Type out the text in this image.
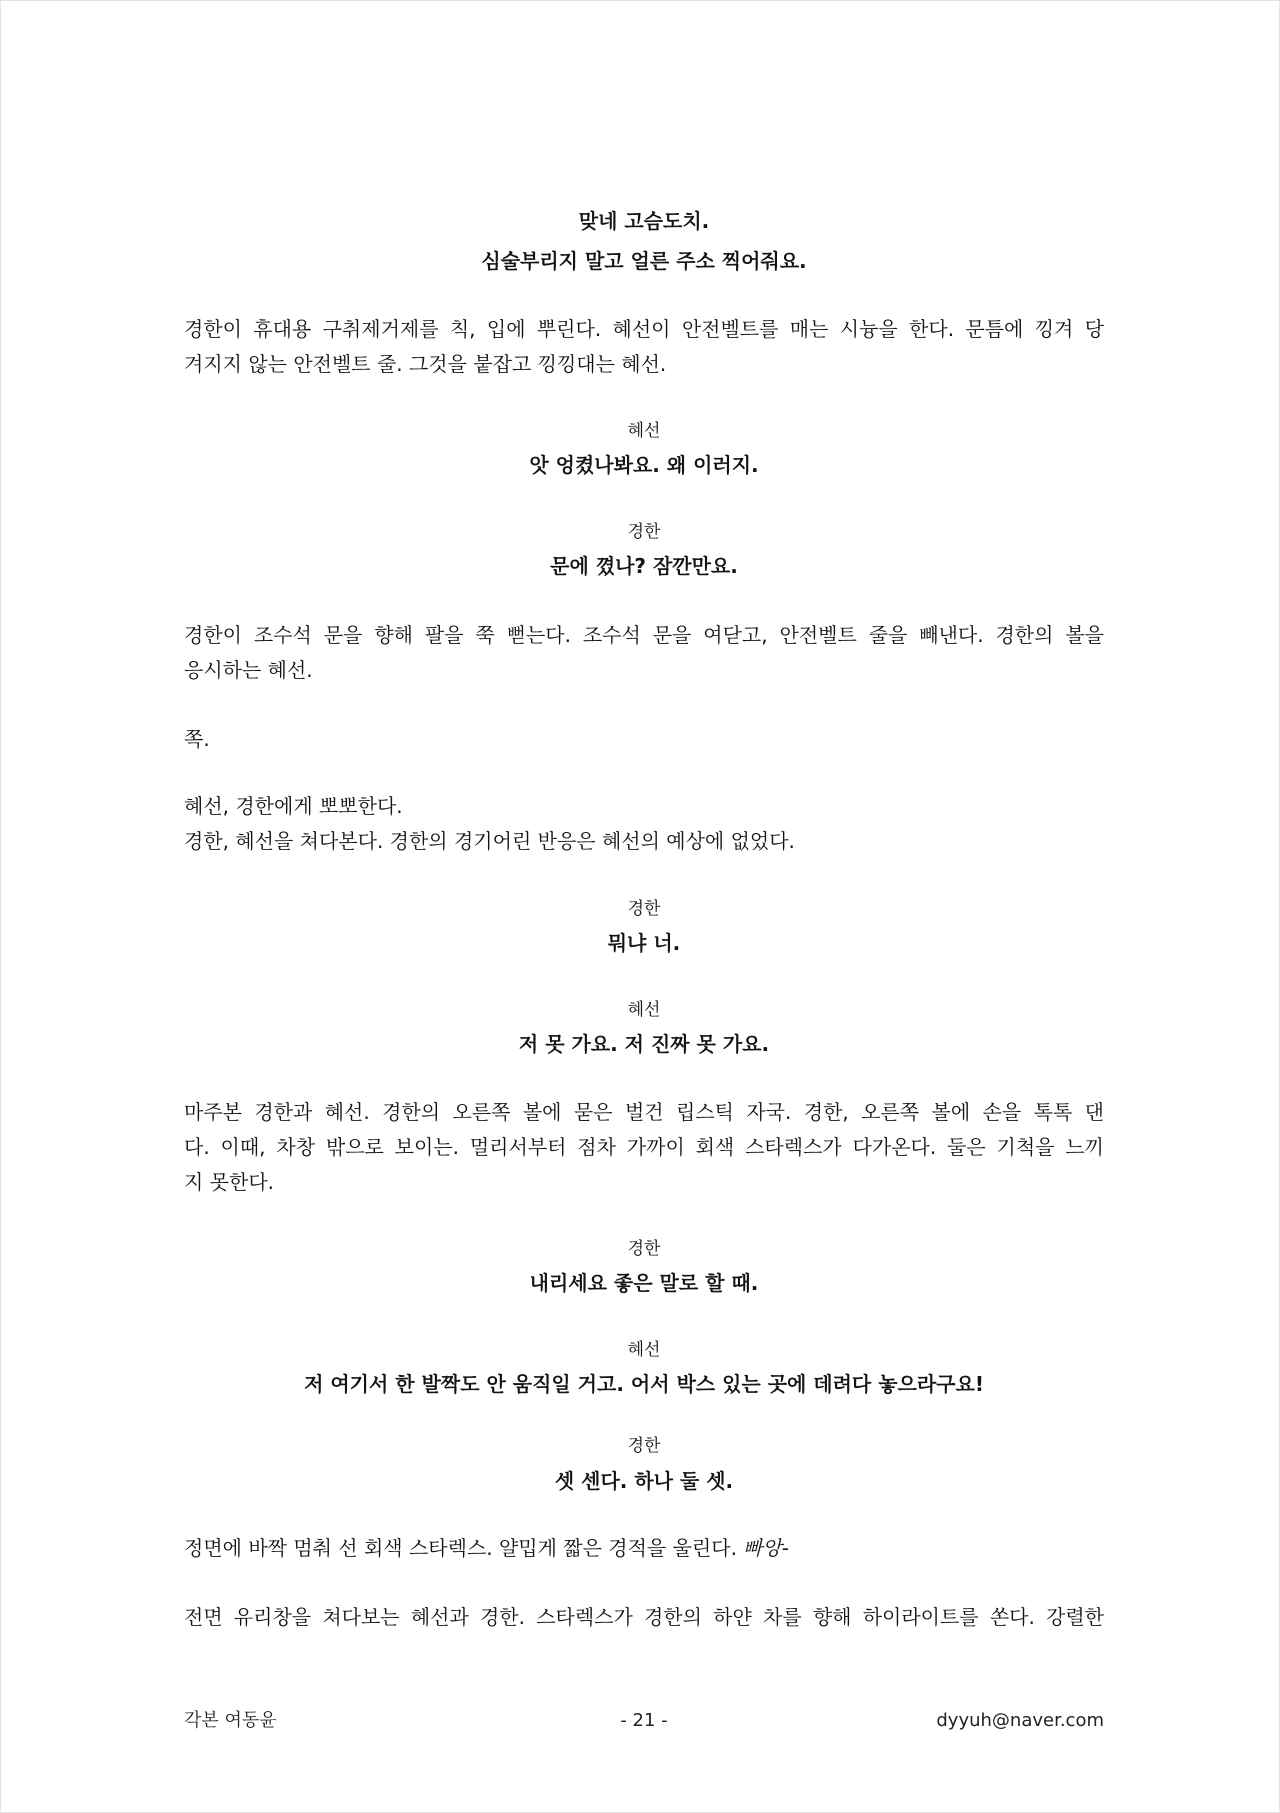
맞네 고슴도치.
심술부리지 말고 얼른 주소 찍어줘요.
경한이 휴대용 구취제거제를 칙, 입에 뿌린다. 혜선이 안전벨트를 매는 시늉을 한다. 문틈에 낑겨 당
겨지지 않는 안전벨트 줄. 그것을 붙잡고 낑낑대는 혜선.
혜선
앗 엉켰나봐요. 왜 이러지.
경한
문에 꼈나? 잠깐만요.
경한이 조수석 문을 향해 팔을 쭉 뻗는다. 조수석 문을 여닫고, 안전벨트 줄을 빼낸다. 경한의 볼을
응시하는 혜선.
쪽.
혜선, 경한에게 뽀뽀한다.
경한, 혜선을 쳐다본다. 경한의 경기어린 반응은 혜선의 예상에 없었다.
경한
뭐냐 너.
혜선
저 못 가요. 저 진짜 못 가요.
마주본 경한과 혜선. 경한의 오른쪽 볼에 묻은 벌건 립스틱 자국. 경한, 오른쪽 볼에 손을 톡톡 댄
다. 이때, 차창 밖으로 보이는. 멀리서부터 점차 가까이 회색 스타렉스가 다가온다. 둘은 기척을 느끼
지 못한다.
경한
내리세요 좋은 말로 할 때.
혜선
저 여기서 한 발짝도 안 움직일 거고. 어서 박스 있는 곳에 데려다 놓으라구요!
경한
셋 센다. 하나 둘 셋.
정면에 바짝 멈춰 선 회색 스타렉스. 얄밉게 짧은 경적을 울린다. 빠앙-
전면 유리창을 쳐다보는 혜선과 경한. 스타렉스가 경한의 하얀 차를 향해 하이라이트를 쏜다. 강렬한
각본 여동윤	- 21 -	dyyuh@naver.com
